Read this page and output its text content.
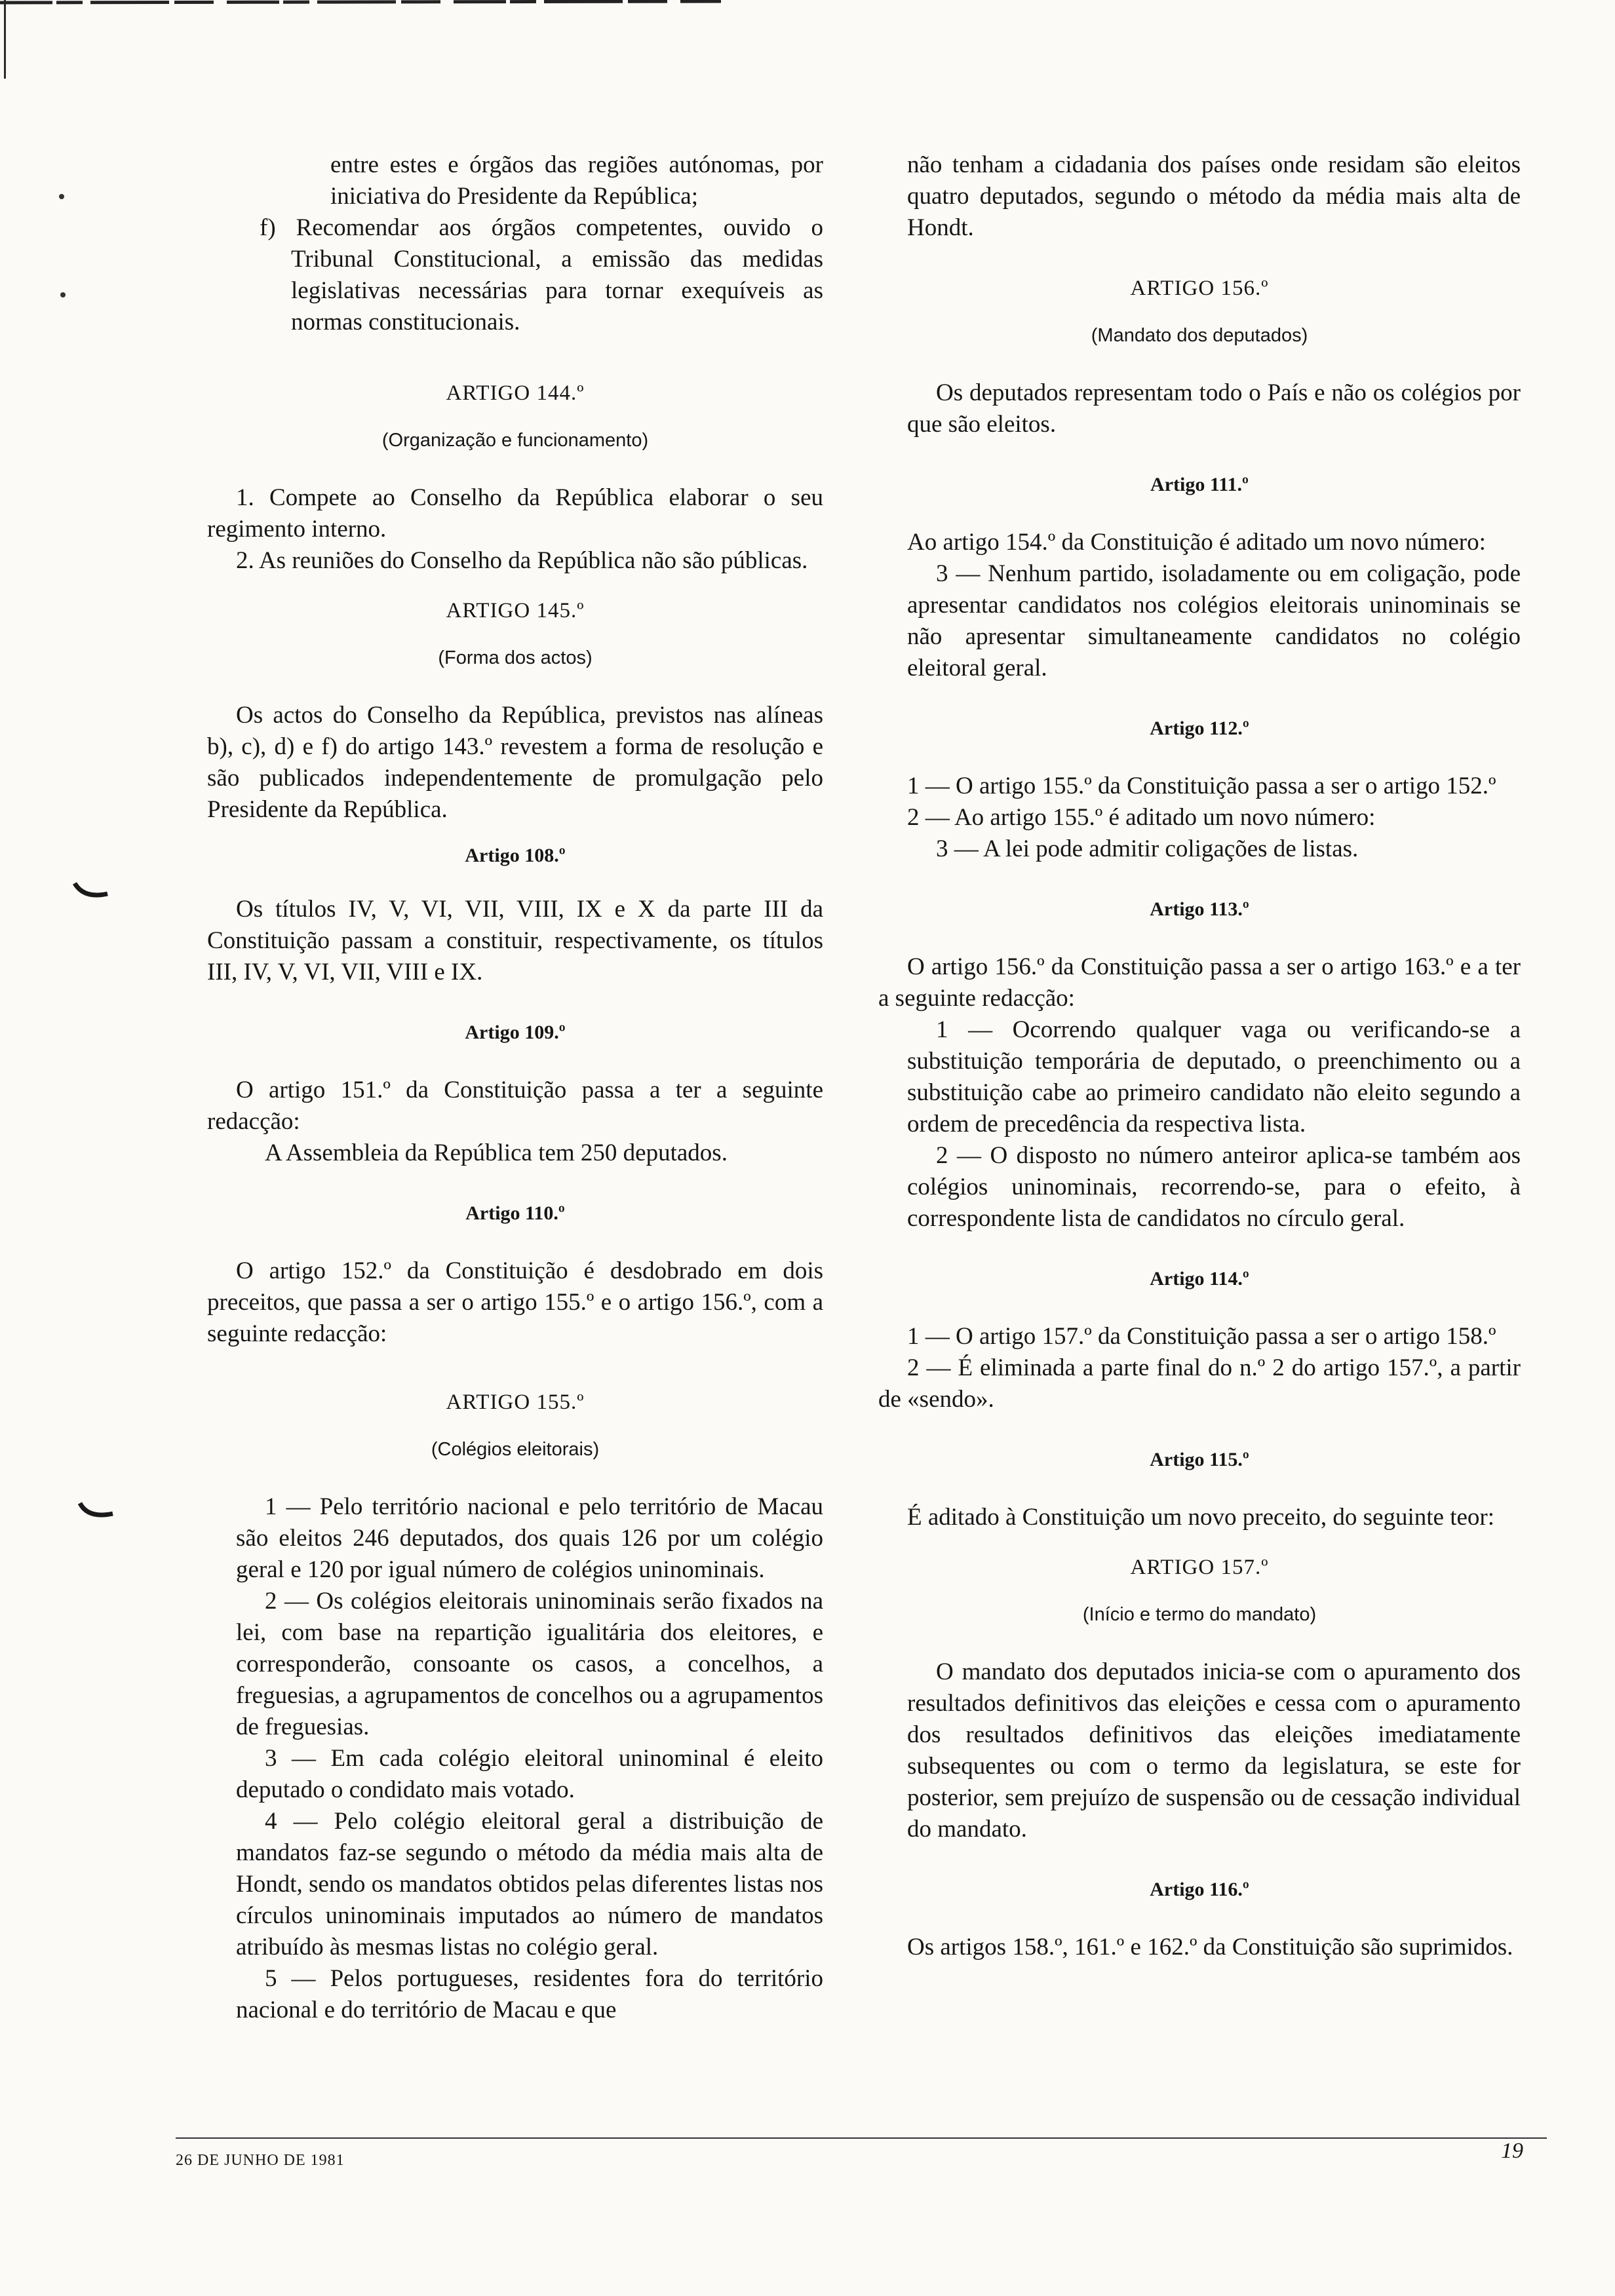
entre estes e órgãos das regiões autónomas, por iniciativa do Presidente da República;

f) Recomendar aos órgãos competentes, ouvido o Tribunal Constitucional, a emissão das medidas legislativas necessárias para tornar exequíveis as normas constitucionais.

ARTIGO 144.º
(Organização e funcionamento)

1. Compete ao Conselho da República elaborar o seu regimento interno.

2. As reuniões do Conselho da República não são públicas.

ARTIGO 145.º
(Forma dos actos)

Os actos do Conselho da República, previstos nas alíneas b), c), d) e f) do artigo 143.º revestem a forma de resolução e são publicados independentemente de promulgação pelo Presidente da República.

Artigo 108.º

Os títulos IV, V, VI, VII, VIII, IX e X da parte III da Constituição passam a constituir, respectivamente, os títulos III, IV, V, VI, VII, VIII e IX.

Artigo 109.º

O artigo 151.º da Constituição passa a ter a seguinte redacção:

A Assembleia da República tem 250 deputados.

Artigo 110.º

O artigo 152.º da Constituição é desdobrado em dois preceitos, que passa a ser o artigo 155.º e o artigo 156.º, com a seguinte redacção:

ARTIGO 155.º
(Colégios eleitorais)

1 — Pelo território nacional e pelo território de Macau são eleitos 246 deputados, dos quais 126 por um colégio geral e 120 por igual número de colégios uninominais.

2 — Os colégios eleitorais uninominais serão fixados na lei, com base na repartição igualitária dos eleitores, e corresponderão, consoante os casos, a concelhos, a freguesias, a agrupamentos de concelhos ou a agrupamentos de freguesias.

3 — Em cada colégio eleitoral uninominal é eleito deputado o condidato mais votado.

4 — Pelo colégio eleitoral geral a distribuição de mandatos faz-se segundo o método da média mais alta de Hondt, sendo os mandatos obtidos pelas diferentes listas nos círculos uninominais imputados ao número de mandatos atribuído às mesmas listas no colégio geral.

5 — Pelos portugueses, residentes fora do território nacional e do território de Macau e que

não tenham a cidadania dos países onde residam são eleitos quatro deputados, segundo o método da média mais alta de Hondt.

ARTIGO 156.º
(Mandato dos deputados)

Os deputados representam todo o País e não os colégios por que são eleitos.

Artigo 111.º

Ao artigo 154.º da Constituição é aditado um novo número:

3 — Nenhum partido, isoladamente ou em coligação, pode apresentar candidatos nos colégios eleitorais uninominais se não apresentar simultaneamente candidatos no colégio eleitoral geral.

Artigo 112.º

1 — O artigo 155.º da Constituição passa a ser o artigo 152.º

2 — Ao artigo 155.º é aditado um novo número:

3 — A lei pode admitir coligações de listas.

Artigo 113.º

O artigo 156.º da Constituição passa a ser o artigo 163.º e a ter a seguinte redacção:

1 — Ocorrendo qualquer vaga ou verificando-se a substituição temporária de deputado, o preenchimento ou a substituição cabe ao primeiro candidato não eleito segundo a ordem de precedência da respectiva lista.

2 — O disposto no número anteiror aplica-se também aos colégios uninominais, recorrendo-se, para o efeito, à correspondente lista de candidatos no círculo geral.

Artigo 114.º

1 — O artigo 157.º da Constituição passa a ser o artigo 158.º

2 — É eliminada a parte final do n.º 2 do artigo 157.º, a partir de «sendo».

Artigo 115.º

É aditado à Constituição um novo preceito, do seguinte teor:

ARTIGO 157.º
(Início e termo do mandato)

O mandato dos deputados inicia-se com o apuramento dos resultados definitivos das eleições e cessa com o apuramento dos resultados definitivos das eleições imediatamente subsequentes ou com o termo da legislatura, se este for posterior, sem prejuízo de suspensão ou de cessação individual do mandato.

Artigo 116.º

Os artigos 158.º, 161.º e 162.º da Constituição são suprimidos.

26 DE JUNHO DE 1981	19
